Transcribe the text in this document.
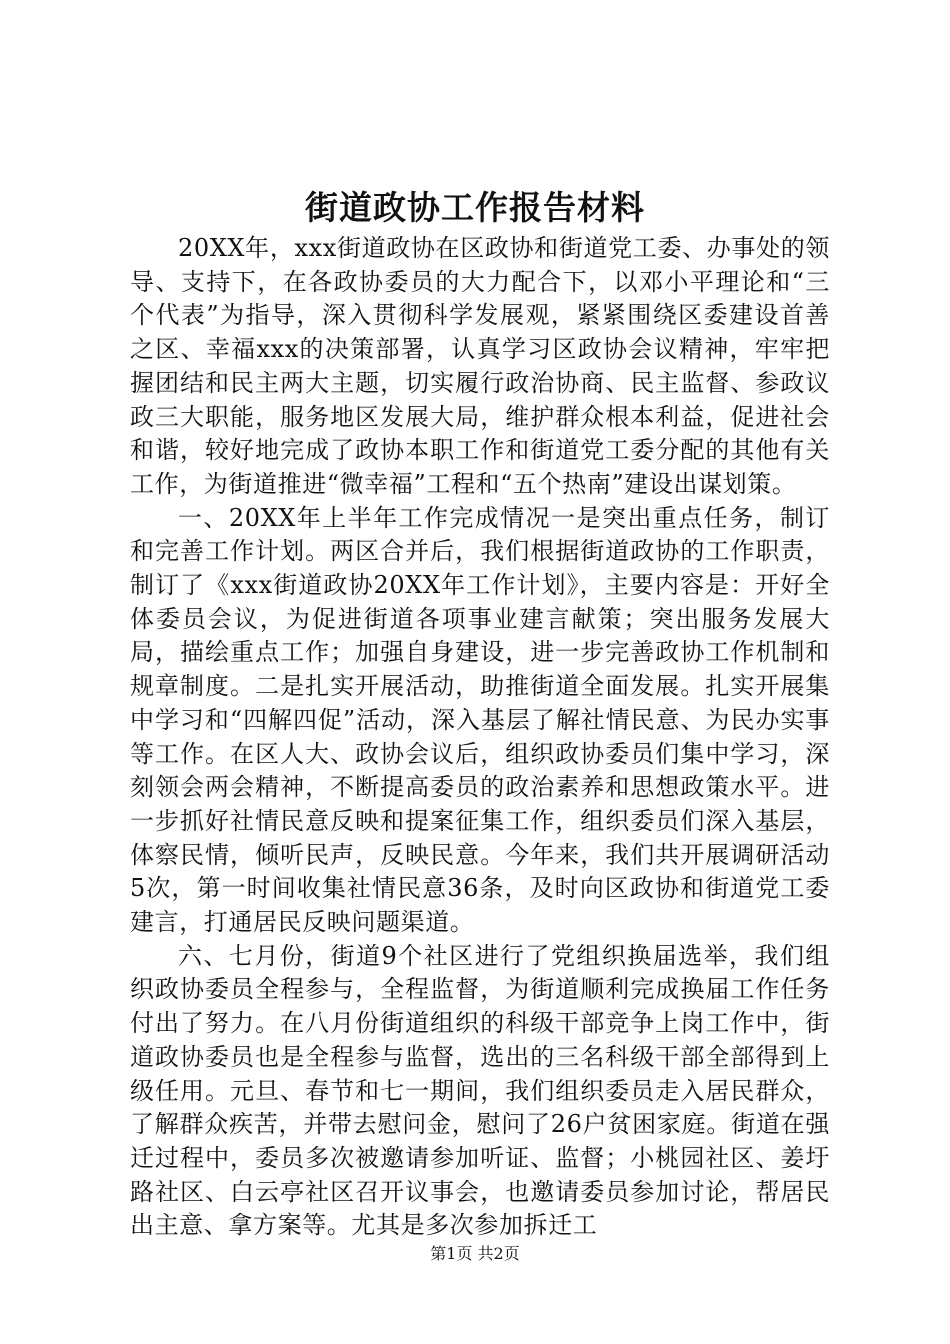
街道政协工作报告材料

20XX年，xxx街道政协在区政协和街道党工委、办事处的领导、支持下，在各政协委员的大力配合下，以邓小平理论和“三个代表”为指导，深入贯彻科学发展观，紧紧围绕区委建设首善之区、幸福xxx的决策部署，认真学习区政协会议精神，牢牢把握团结和民主两大主题，切实履行政治协商、民主监督、参政议政三大职能，服务地区发展大局，维护群众根本利益，促进社会和谐，较好地完成了政协本职工作和街道党工委分配的其他有关工作，为街道推进“微幸福”工程和“五个热南”建设出谋划策。

一、20XX年上半年工作完成情况一是突出重点任务，制订和完善工作计划。两区合并后，我们根据街道政协的工作职责，制订了《xxx街道政协20XX年工作计划》，主要内容是：开好全体委员会议，为促进街道各项事业建言献策；突出服务发展大局，描绘重点工作；加强自身建设，进一步完善政协工作机制和规章制度。二是扎实开展活动，助推街道全面发展。扎实开展集中学习和“四解四促”活动，深入基层了解社情民意、为民办实事等工作。在区人大、政协会议后，组织政协委员们集中学习，深刻领会两会精神，不断提高委员的政治素养和思想政策水平。进一步抓好社情民意反映和提案征集工作，组织委员们深入基层，体察民情，倾听民声，反映民意。今年来，我们共开展调研活动5次，第一时间收集社情民意36条，及时向区政协和街道党工委建言，打通居民反映问题渠道。

六、七月份，街道9个社区进行了党组织换届选举，我们组织政协委员全程参与，全程监督，为街道顺利完成换届工作任务付出了努力。在八月份街道组织的科级干部竞争上岗工作中，街道政协委员也是全程参与监督，选出的三名科级干部全部得到上级任用。元旦、春节和七一期间，我们组织委员走入居民群众，了解群众疾苦，并带去慰问金，慰问了26户贫困家庭。街道在强迁过程中，委员多次被邀请参加听证、监督；小桃园社区、姜圩路社区、白云亭社区召开议事会，也邀请委员参加讨论，帮居民出主意、拿方案等。尤其是多次参加拆迁工

第1页 共2页
